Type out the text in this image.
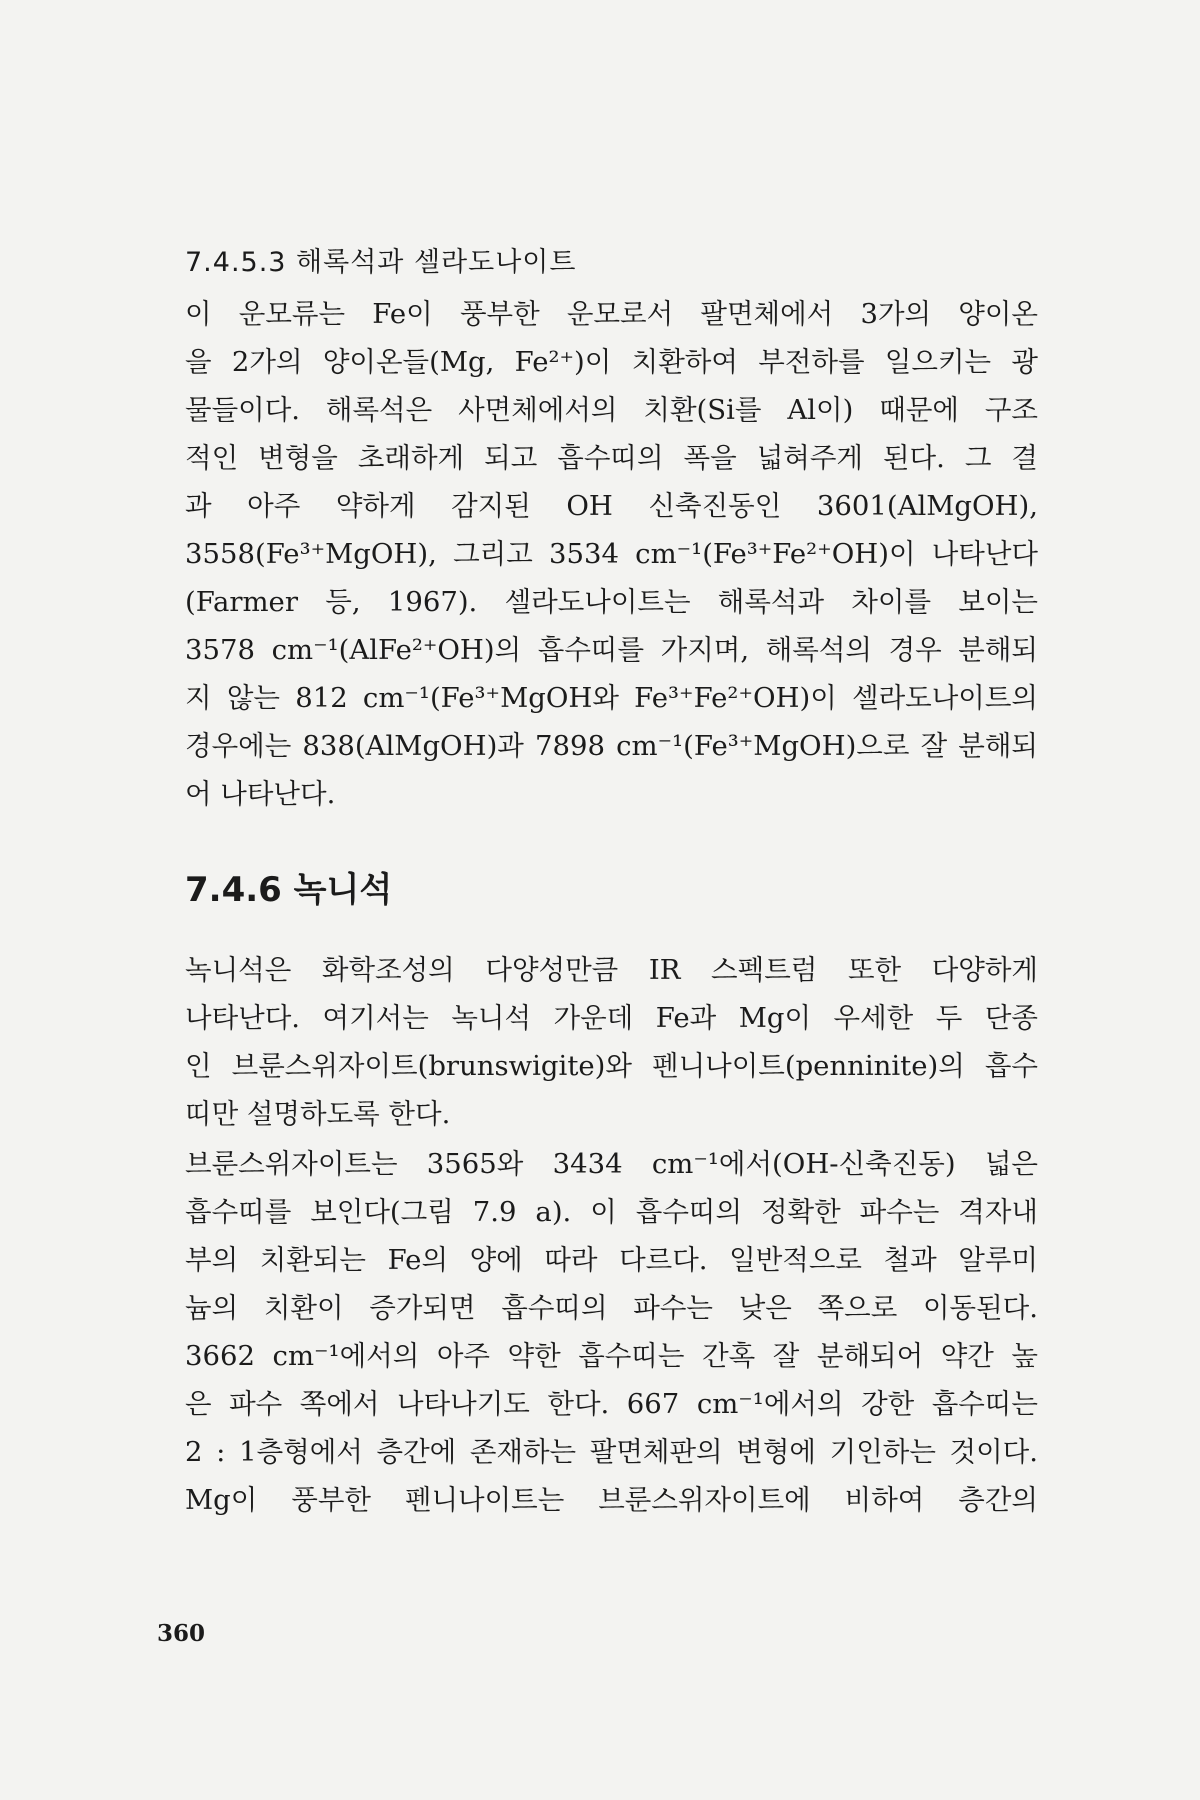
7.4.5.3 해록석과 셀라도나이트
이 운모류는 Fe이 풍부한 운모로서 팔면체에서 3가의 양이온
을 2가의 양이온들(Mg, Fe²⁺)이 치환하여 부전하를 일으키는 광
물들이다. 해록석은 사면체에서의 치환(Si를 Al이) 때문에 구조
적인 변형을 초래하게 되고 흡수띠의 폭을 넓혀주게 된다. 그 결
과 아주 약하게 감지된 OH 신축진동인 3601(AlMgOH),
3558(Fe³⁺MgOH), 그리고 3534 cm⁻¹(Fe³⁺Fe²⁺OH)이 나타난다
(Farmer 등, 1967). 셀라도나이트는 해록석과 차이를 보이는
3578 cm⁻¹(AlFe²⁺OH)의 흡수띠를 가지며, 해록석의 경우 분해되
지 않는 812 cm⁻¹(Fe³⁺MgOH와 Fe³⁺Fe²⁺OH)이 셀라도나이트의
경우에는 838(AlMgOH)과 7898 cm⁻¹(Fe³⁺MgOH)으로 잘 분해되
어 나타난다.
7.4.6 녹니석
녹니석은 화학조성의 다양성만큼 IR 스펙트럼 또한 다양하게
나타난다. 여기서는 녹니석 가운데 Fe과 Mg이 우세한 두 단종
인 브룬스위자이트(brunswigite)와 펜니나이트(penninite)의 흡수
띠만 설명하도록 한다.
브룬스위자이트는 3565와 3434 cm⁻¹에서(OH-신축진동) 넓은
흡수띠를 보인다(그림 7.9 a). 이 흡수띠의 정확한 파수는 격자내
부의 치환되는 Fe의 양에 따라 다르다. 일반적으로 철과 알루미
늄의 치환이 증가되면 흡수띠의 파수는 낮은 쪽으로 이동된다.
3662 cm⁻¹에서의 아주 약한 흡수띠는 간혹 잘 분해되어 약간 높
은 파수 쪽에서 나타나기도 한다. 667 cm⁻¹에서의 강한 흡수띠는
2 : 1층형에서 층간에 존재하는 팔면체판의 변형에 기인하는 것이다.
Mg이 풍부한 펜니나이트는 브룬스위자이트에 비하여 층간의

360
